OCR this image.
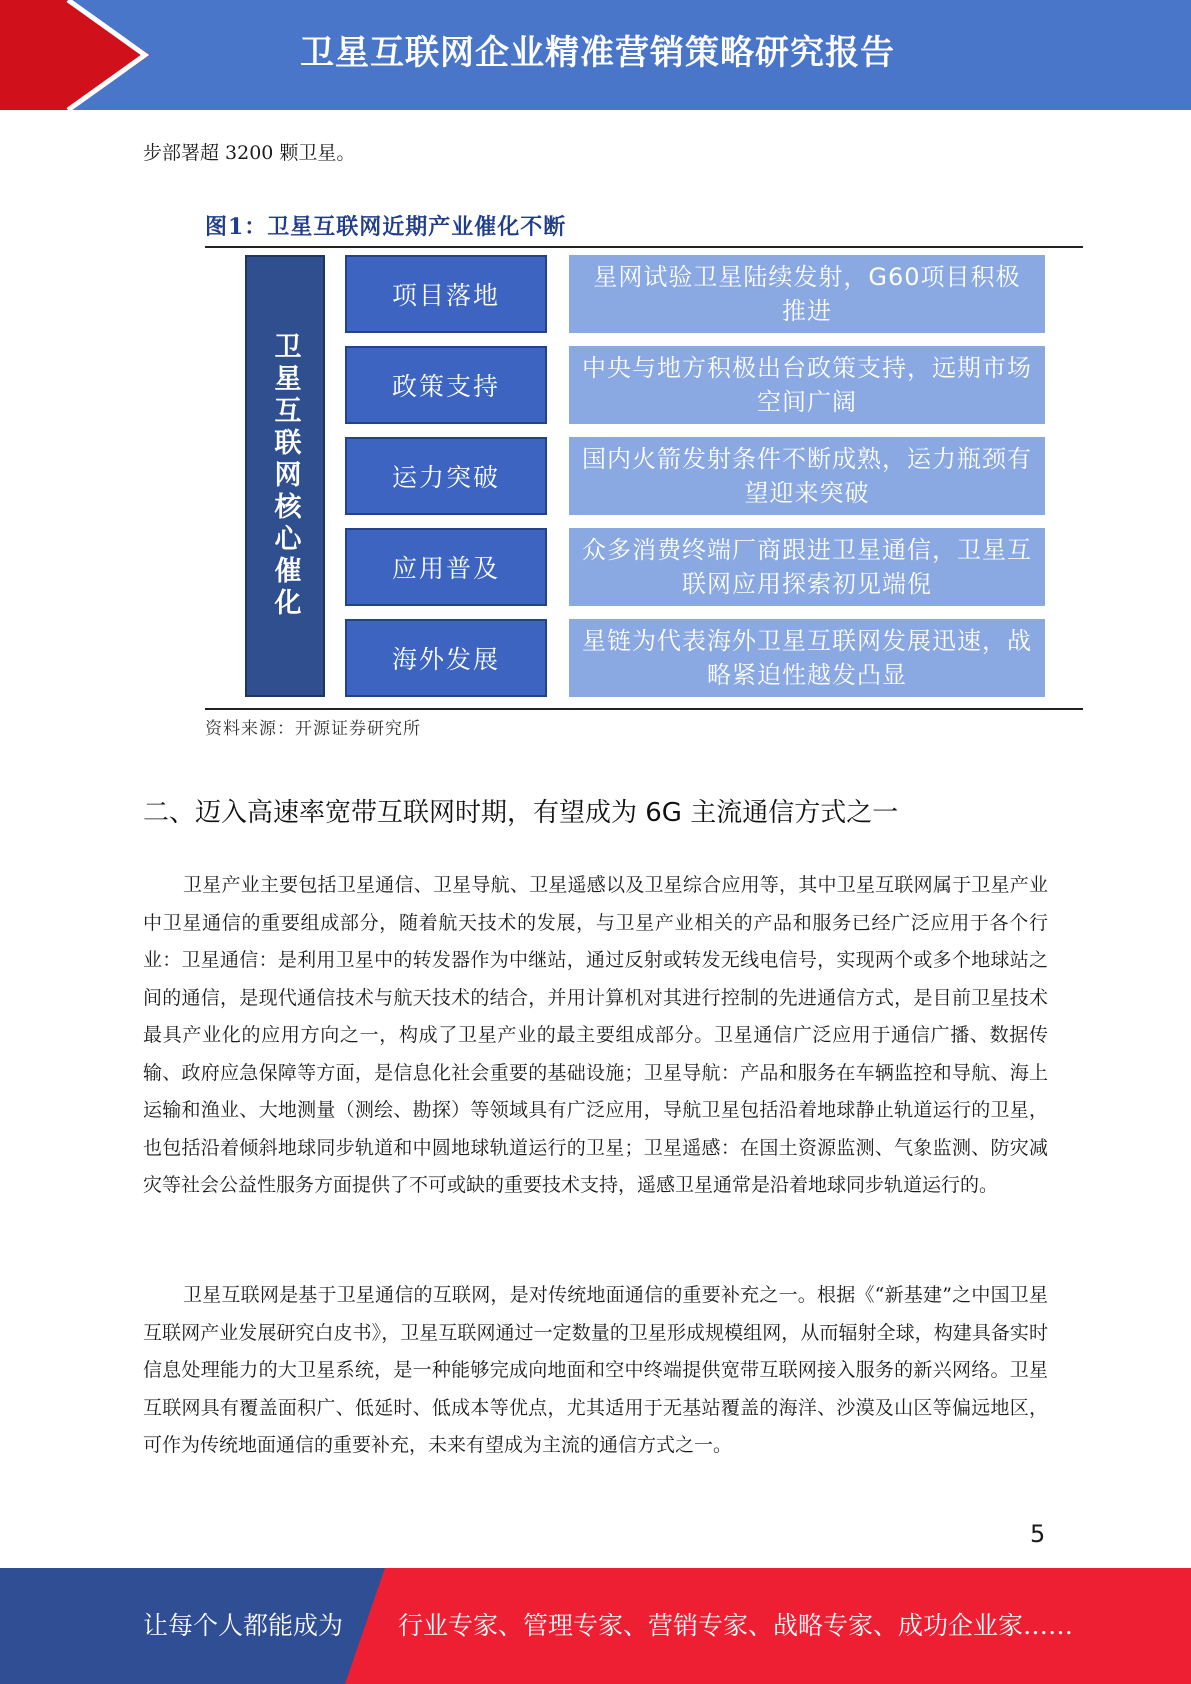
卫星互联网企业精准营销策略研究报告
步部署超 3200 颗卫星。
图1：卫星互联网近期产业催化不断
卫星互联网核心催化
项目落地
星网试验卫星陆续发射，G60项目积极推进
政策支持
中央与地方积极出台政策支持，远期市场空间广阔
运力突破
国内火箭发射条件不断成熟，运力瓶颈有望迎来突破
应用普及
众多消费终端厂商跟进卫星通信，卫星互联网应用探索初见端倪
海外发展
星链为代表海外卫星互联网发展迅速，战略紧迫性越发凸显
资料来源：开源证券研究所
二、迈入高速率宽带互联网时期，有望成为 6G 主流通信方式之一

卫星产业主要包括卫星通信、卫星导航、卫星遥感以及卫星综合应用等，其中卫星互联网属于卫星产业中卫星通信的重要组成部分，随着航天技术的发展，与卫星产业相关的产品和服务已经广泛应用于各个行业：卫星通信：是利用卫星中的转发器作为中继站，通过反射或转发无线电信号，实现两个或多个地球站之间的通信，是现代通信技术与航天技术的结合，并用计算机对其进行控制的先进通信方式，是目前卫星技术最具产业化的应用方向之一，构成了卫星产业的最主要组成部分。卫星通信广泛应用于通信广播、数据传输、政府应急保障等方面，是信息化社会重要的基础设施；卫星导航：产品和服务在车辆监控和导航、海上运输和渔业、大地测量（测绘、勘探）等领域具有广泛应用，导航卫星包括沿着地球静止轨道运行的卫星，也包括沿着倾斜地球同步轨道和中圆地球轨道运行的卫星；卫星遥感：在国土资源监测、气象监测、防灾减灾等社会公益性服务方面提供了不可或缺的重要技术支持，遥感卫星通常是沿着地球同步轨道运行的。

卫星互联网是基于卫星通信的互联网，是对传统地面通信的重要补充之一。根据《“新基建”之中国卫星互联网产业发展研究白皮书》，卫星互联网通过一定数量的卫星形成规模组网，从而辐射全球，构建具备实时信息处理能力的大卫星系统，是一种能够完成向地面和空中终端提供宽带互联网接入服务的新兴网络。卫星互联网具有覆盖面积广、低延时、低成本等优点，尤其适用于无基站覆盖的海洋、沙漠及山区等偏远地区，可作为传统地面通信的重要补充，未来有望成为主流的通信方式之一。

5
让每个人都能成为 行业专家、管理专家、营销专家、战略专家、成功企业家……
